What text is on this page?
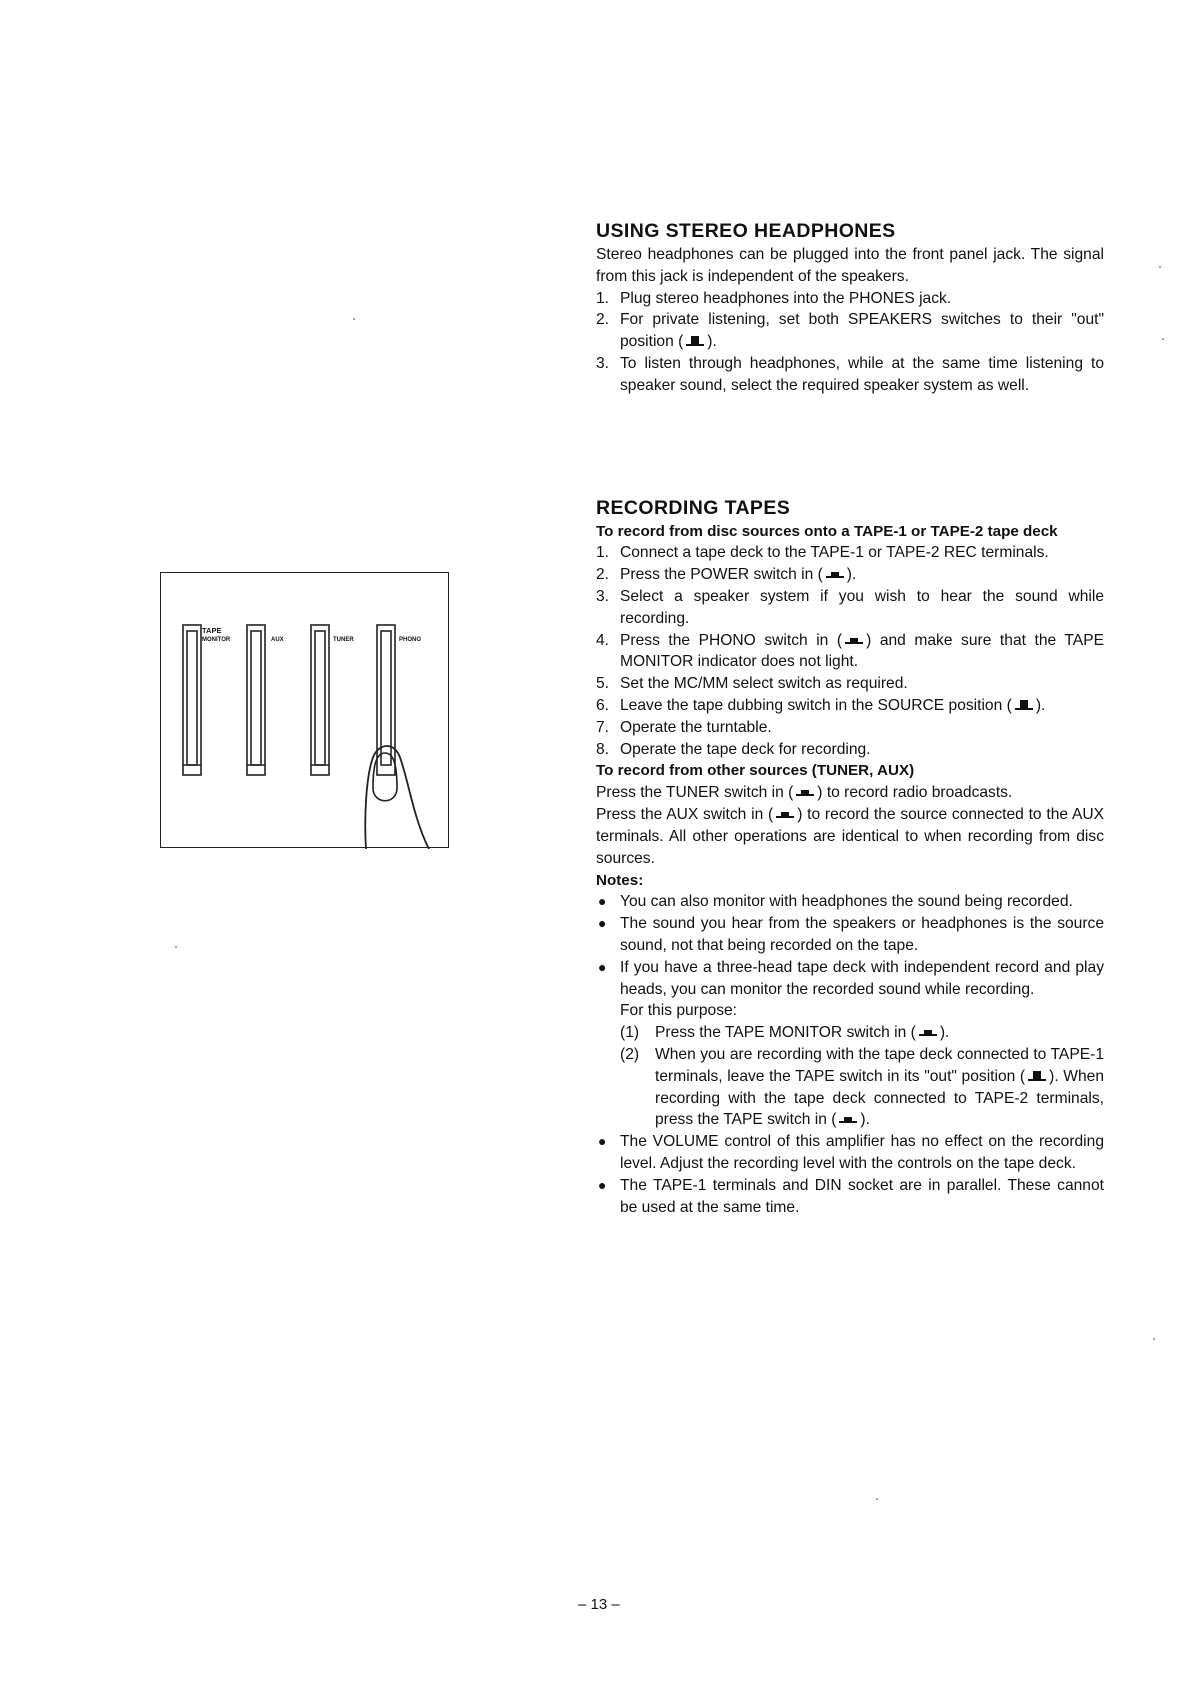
TAPE
MONITOR	AUX	TUNER	PHONO
USING STEREO HEADPHONES

Stereo headphones can be plugged into the front panel jack. The signal from this jack is independent of the speakers.

1. Plug stereo headphones into the PHONES jack.
2. For private listening, set both SPEAKERS switches to their "out" position ( ).
3. To listen through headphones, while at the same time listening to speaker sound, select the required speaker system as well.
RECORDING TAPES
To record from disc sources onto a TAPE-1 or TAPE-2 tape deck
1. Connect a tape deck to the TAPE-1 or TAPE-2 REC terminals.
2. Press the POWER switch in ( ).
3. Select a speaker system if you wish to hear the sound while recording.
4. Press the PHONO switch in ( ) and make sure that the TAPE MONITOR indicator does not light.
5. Set the MC/MM select switch as required.
6. Leave the tape dubbing switch in the SOURCE position ( ).
7. Operate the turntable.
8. Operate the tape deck for recording.
To record from other sources (TUNER, AUX)

Press the TUNER switch in ( ) to record radio broadcasts.
Press the AUX switch in ( ) to record the source connected to the AUX terminals. All other operations are identical to when recording from disc sources.

Notes:
● You can also monitor with headphones the sound being recorded.
● The sound you hear from the speakers or headphones is the source sound, not that being recorded on the tape.
● If you have a three-head tape deck with independent record and play heads, you can monitor the recorded sound while recording.
For this purpose:
(1) Press the TAPE MONITOR switch in ( ).
(2) When you are recording with the tape deck connected to TAPE-1 terminals, leave the TAPE switch in its "out" position ( ). When recording with the tape deck connected to TAPE-2 terminals, press the TAPE switch in ( ).
● The VOLUME control of this amplifier has no effect on the recording level. Adjust the recording level with the controls on the tape deck.
● The TAPE-1 terminals and DIN socket are in parallel. These cannot be used at the same time.
– 13 –
